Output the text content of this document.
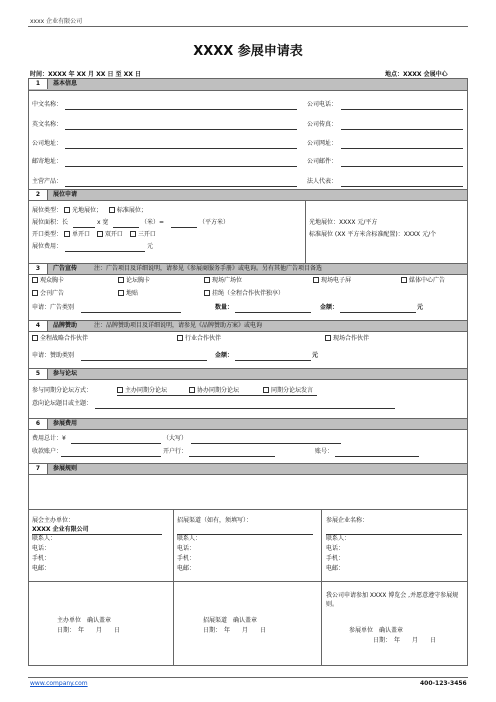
xxxx 企业有限公司
XXXX 参展申请表
时间：XXXX 年 XX 月 XX 日 至 XX 日	地点：XXXX 会展中心
1	基本信息
中文名称：	公司电话：
英文名称：	公司传真：
公司地址：	公司网址：
邮寄地址：	公司邮件：
主营产品：	法人代表：
2	展位申请
展位类型： 光地展位； 标准展位；
展位面积：长	x 宽	（米）=	（平方米）
开口类型： 单开口 双开口 三开口
展位费用：	元
光地展位：XXXX 元/平方
标准展位 (XX 平方米含标准配置)：XXXX 元/个
3	广告宣传	注：广告项目及详细说明，请参见《参展商服务手册》或电询。另有其他广告项目备选
观众胸卡	论坛胸卡	现场广场位	现场电子屏	媒体中心广告
会刊广告	地贴	挂绳（全程合作伙伴独享）
申请：广告类别	数量：	金额：	元
4	品牌赞助	注：品牌赞助项目及详细说明，请参见《品牌赞助方案》或电询
全程战略合作伙伴	行业合作伙伴	现场合作伙伴
申请：赞助类别	金额：	元
5	参与论坛
参与同期分论坛方式：	主办同期分论坛	协办同期分论坛	同期分论坛发言
意向论坛题目或主题：
6	参展费用
费用总计：¥	（大写）
收款账户：	开户行：	账号：
7	参展规则
展会主办单位：
XXXX 企业有限公司
联系人：
电话：
手机：
电邮：
招展渠道（如有，须填写）：
联系人：
电话：
手机：
电邮：
参展企业名称：
联系人：
电话：
手机：
电邮：
我公司申请参加 XXXX 博览会 ,并愿意遵守参展规则。
主办单位　确认盖章
日期：　年　　月　　日
招展渠道　确认盖章
日期：　年　　月　　日	参展单位　确认盖章
日期：　年　　月　　日
www.company.com	400-123-3456
